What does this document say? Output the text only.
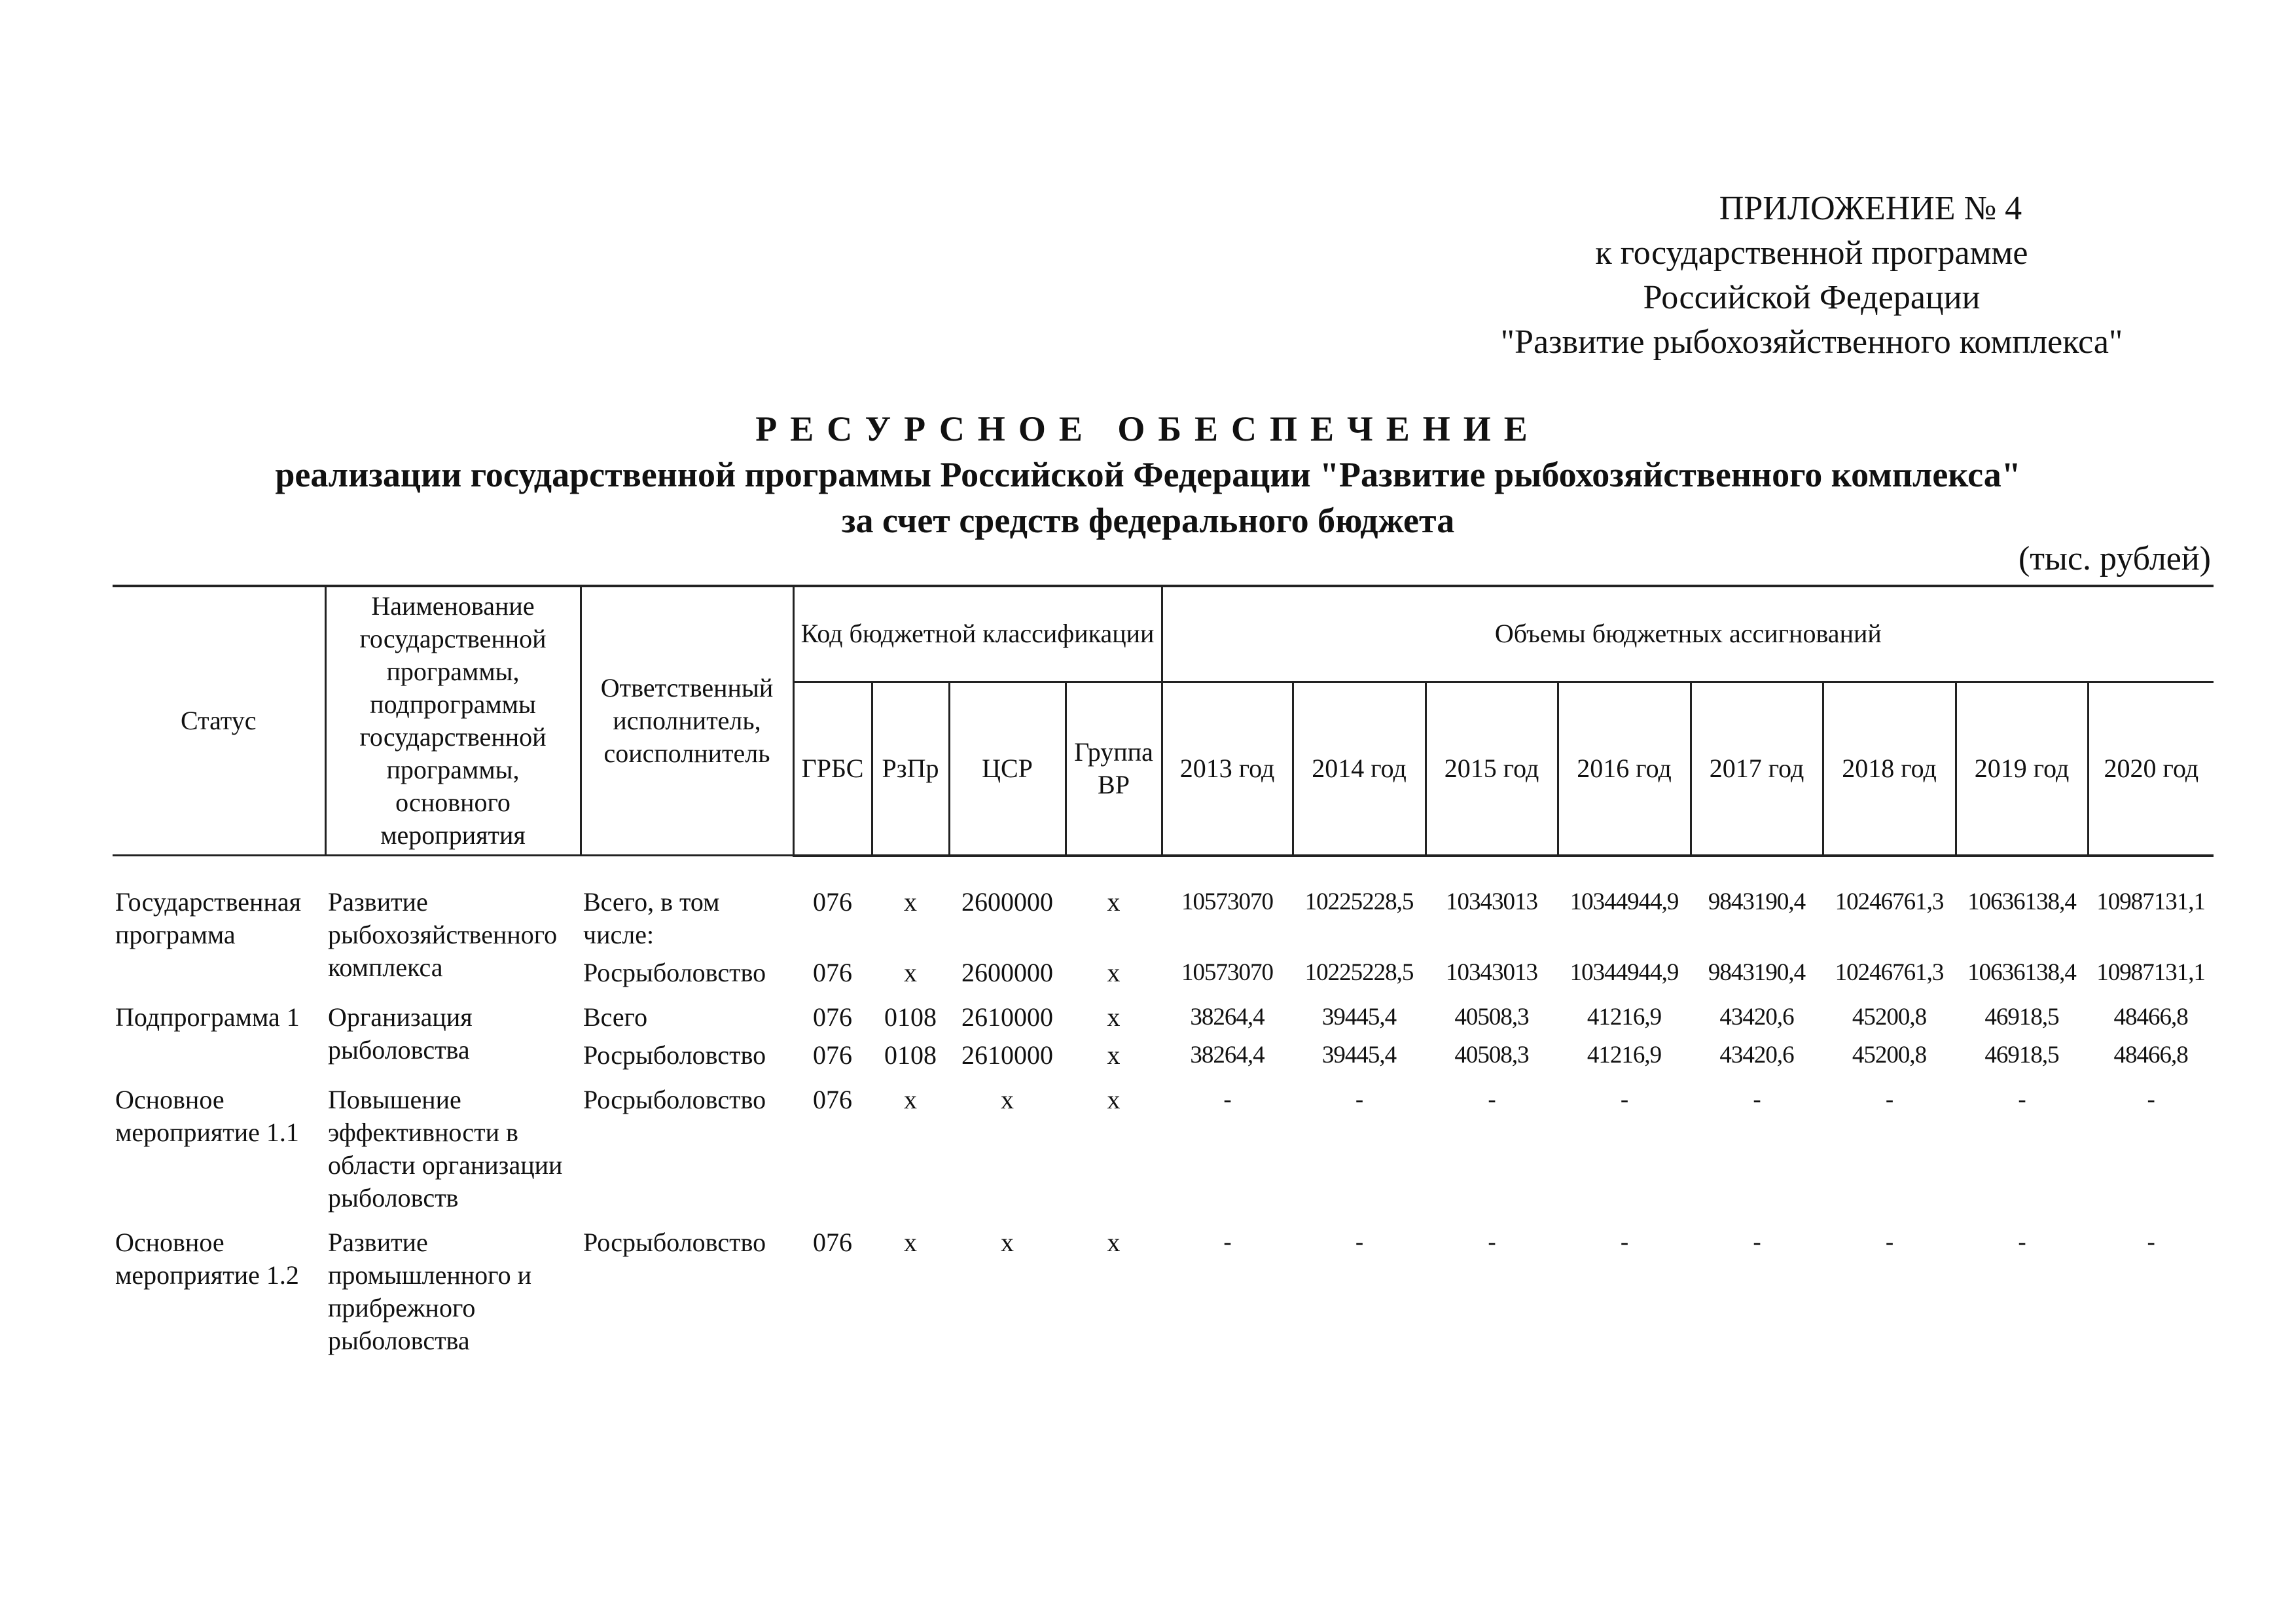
ПРИЛОЖЕНИЕ № 4
к государственной программе
Российской Федерации
"Развитие рыбохозяйственного комплекса"
РЕСУРСНОЕ ОБЕСПЕЧЕНИЕ
реализации государственной программы Российской Федерации "Развитие рыбохозяйственного комплекса"
за счет средств федерального бюджета
(тыс. рублей)
Статус	Наименование государственной программы, подпрограммы государственной программы, основного мероприятия	Ответственный исполнитель, соисполнитель	Код бюджетной классификации				Объемы бюджетных ассигнований							
			ГРБС	РзПр	ЦСР	Группа ВР	2013 год	2014 год	2015 год	2016 год	2017 год	2018 год	2019 год	2020 год

Государственная программа	Развитие рыбохозяйственного комплекса	Всего, в том числе:	076	х	2600000	х	10573070	10225228,5	10343013	10344944,9	9843190,4	10246761,3	10636138,4	10987131,1
		Росрыболовство	076	х	2600000	х	10573070	10225228,5	10343013	10344944,9	9843190,4	10246761,3	10636138,4	10987131,1
Подпрограмма 1	Организация рыболовства	Всего	076	0108	2610000	х	38264,4	39445,4	40508,3	41216,9	43420,6	45200,8	46918,5	48466,8
		Росрыболовство	076	0108	2610000	х	38264,4	39445,4	40508,3	41216,9	43420,6	45200,8	46918,5	48466,8
Основное мероприятие 1.1	Повышение эффективности в области организации рыболовств	Росрыболовство	076	х	х	х	-	-	-	-	-	-	-	-
Основное мероприятие 1.2	Развитие промышленного и прибрежного рыболовства	Росрыболовство	076	х	х	х	-	-	-	-	-	-	-	-
